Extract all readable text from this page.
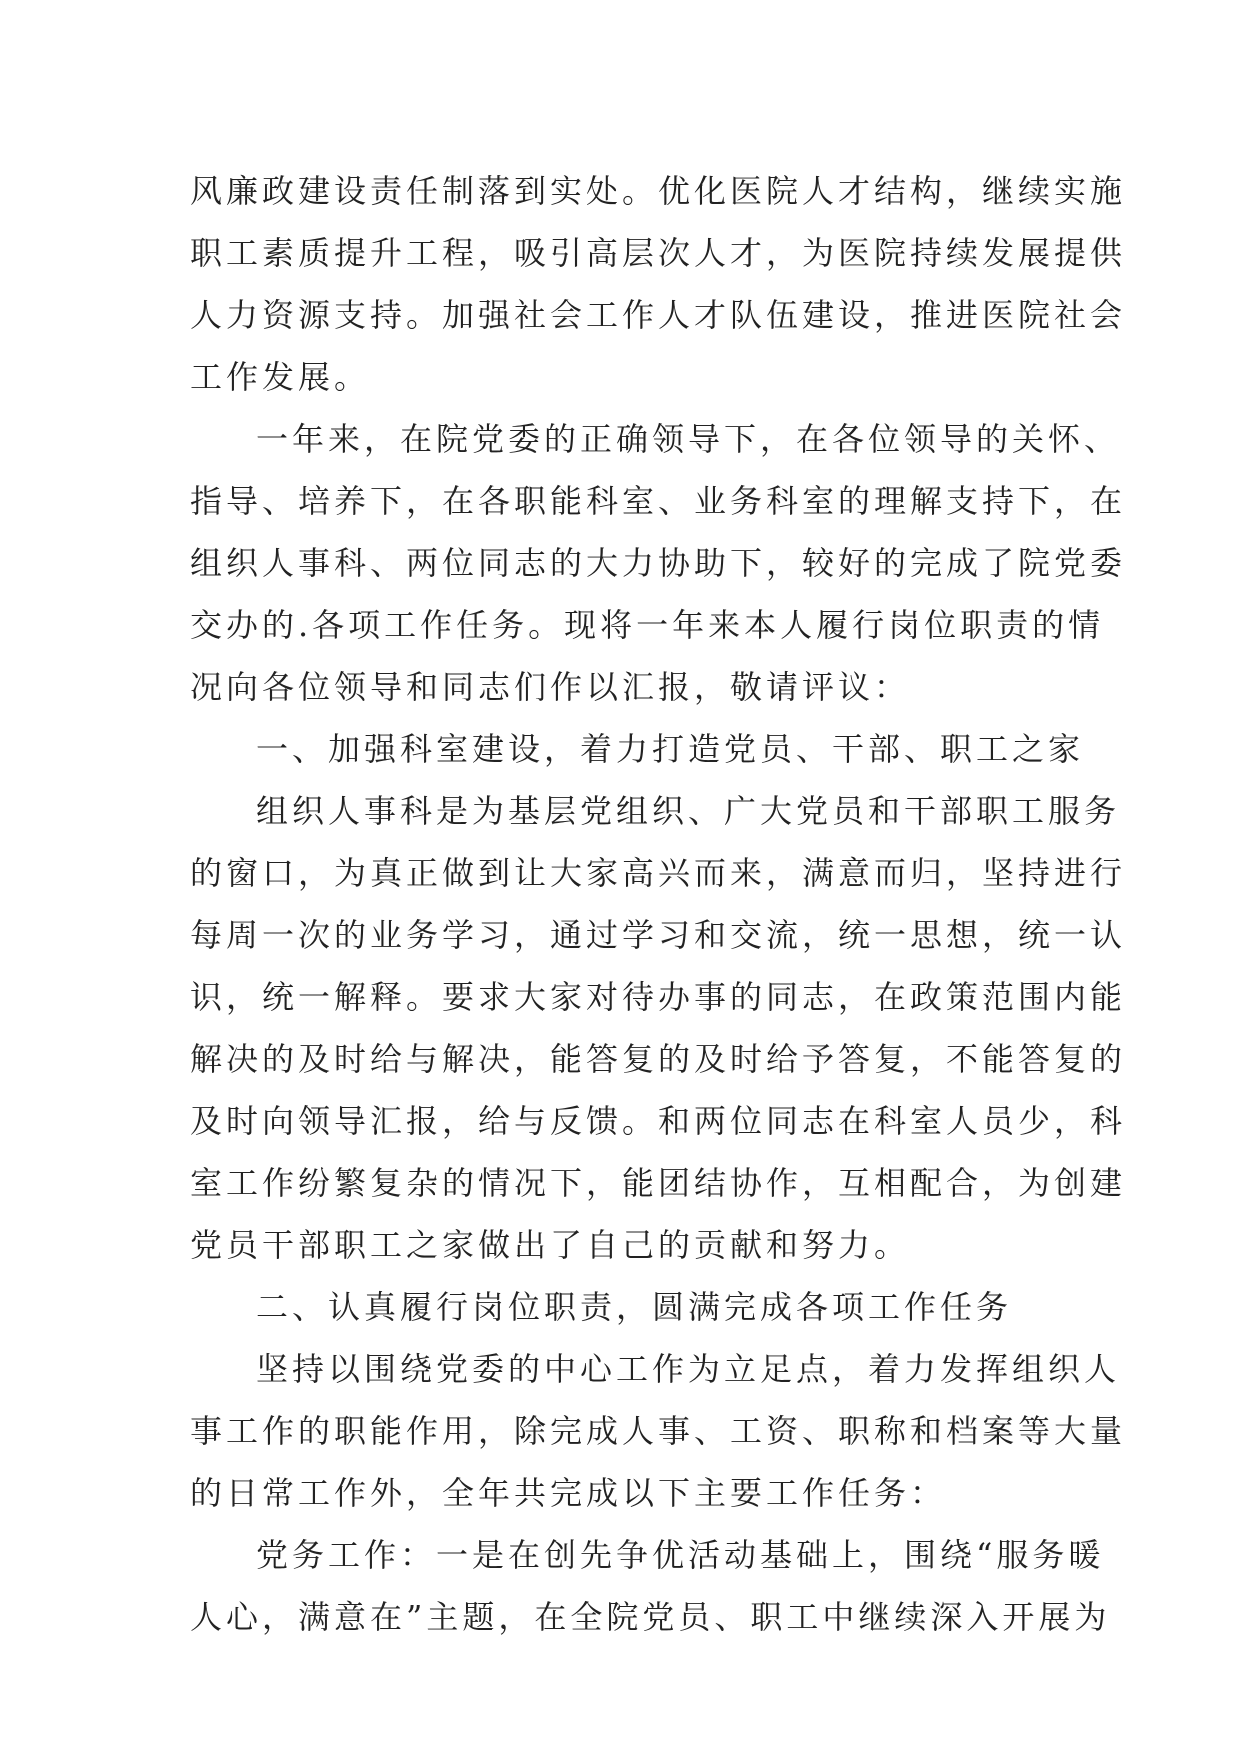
风廉政建设责任制落到实处。优化医院人才结构，继续实施
职工素质提升工程，吸引高层次人才，为医院持续发展提供
人力资源支持。加强社会工作人才队伍建设，推进医院社会
工作发展。
一年来，在院党委的正确领导下，在各位领导的关怀、
指导、培养下，在各职能科室、业务科室的理解支持下，在
组织人事科、两位同志的大力协助下，较好的完成了院党委
交办的.各项工作任务。现将一年来本人履行岗位职责的情
况向各位领导和同志们作以汇报，敬请评议：
一、加强科室建设，着力打造党员、干部、职工之家
组织人事科是为基层党组织、广大党员和干部职工服务
的窗口，为真正做到让大家高兴而来，满意而归，坚持进行
每周一次的业务学习，通过学习和交流，统一思想，统一认
识，统一解释。要求大家对待办事的同志，在政策范围内能
解决的及时给与解决，能答复的及时给予答复，不能答复的
及时向领导汇报，给与反馈。和两位同志在科室人员少，科
室工作纷繁复杂的情况下，能团结协作，互相配合，为创建
党员干部职工之家做出了自己的贡献和努力。
二、认真履行岗位职责，圆满完成各项工作任务
坚持以围绕党委的中心工作为立足点，着力发挥组织人
事工作的职能作用，除完成人事、工资、职称和档案等大量
的日常工作外，全年共完成以下主要工作任务：
党务工作：一是在创先争优活动基础上，围绕“服务暖
人心，满意在”主题，在全院党员、职工中继续深入开展为
